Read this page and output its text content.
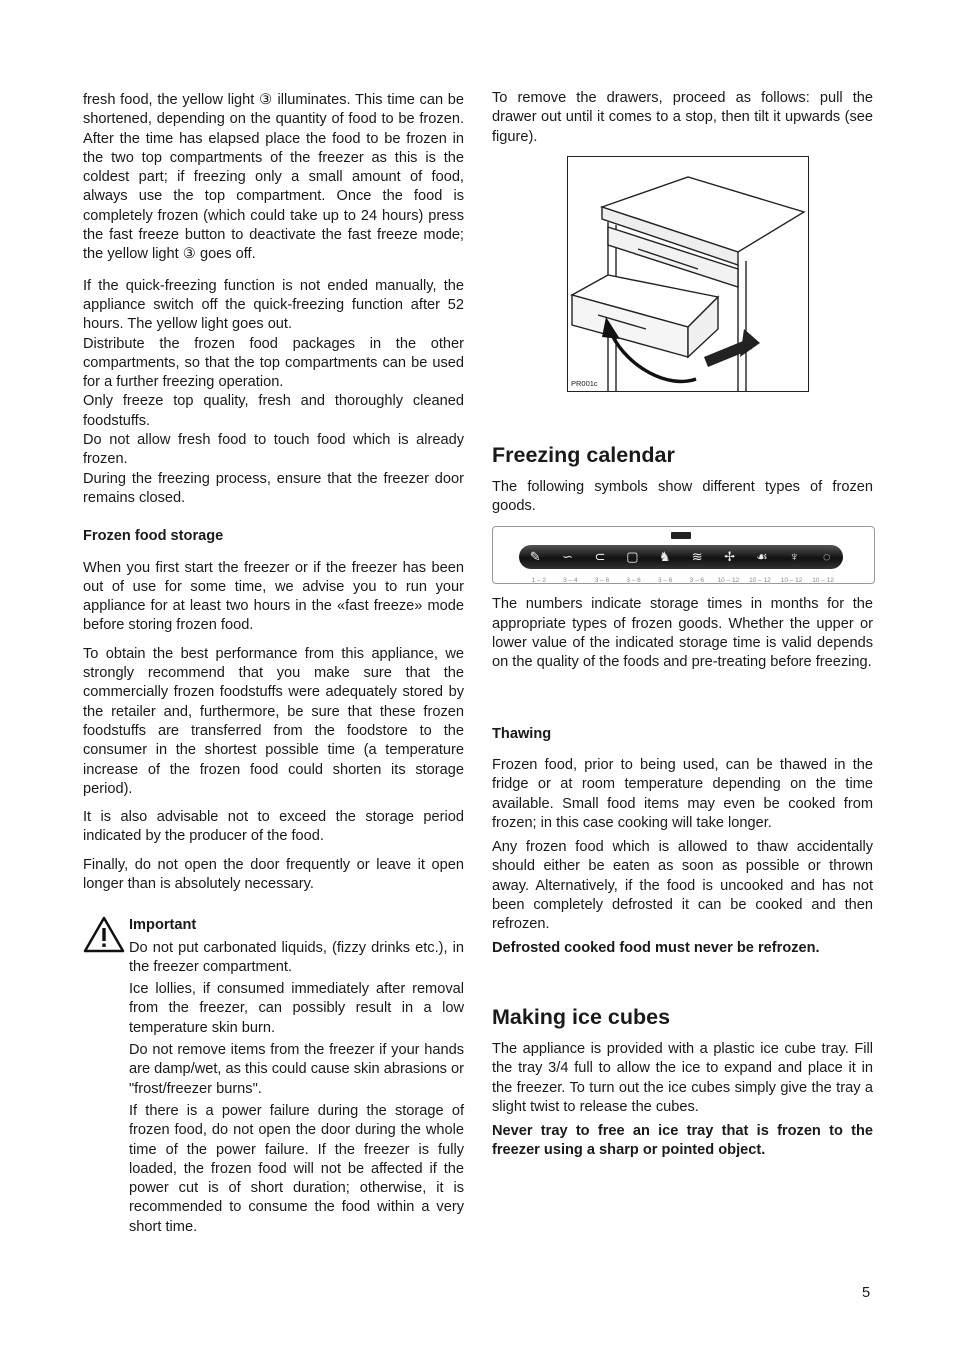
fresh food, the yellow light ③ illuminates. This time can be shortened, depending on the quantity of food to be frozen. After the time has elapsed place the food to be frozen in the two top compartments of the freezer as this is the coldest part; if freezing only a small amount of food, always use the top compartment. Once the food is completely frozen (which could take up to 24 hours) press the fast freeze button to deactivate the fast freeze mode; the yellow light ③ goes off.

If the quick-freezing function is not ended manually, the appliance switch off the quick-freezing function after 52 hours. The yellow light goes out.

Distribute the frozen food packages in the other compartments, so that the top compartments can be used for a further freezing operation.

Only freeze top quality, fresh and thoroughly cleaned foodstuffs.

Do not allow fresh food to touch food which is already frozen.

During the freezing process, ensure that the freezer door remains closed.

Frozen food storage

When you first start the freezer or if the freezer has been out of use for some time, we advise you to run your appliance for at least two hours in the «fast freeze» mode before storing frozen food.

To obtain the best performance from this appliance, we strongly recommend that you make sure that the commercially frozen foodstuffs were adequately stored by the retailer and, furthermore, be sure that these frozen foodstuffs are transferred from the foodstore to the consumer in the shortest possible time (a temperature increase of the frozen food could shorten its storage period).

It is also advisable not to exceed the storage period indicated by the producer of the food.

Finally, do not open the door frequently or leave it open longer than is absolutely necessary.

Important

Do not put carbonated liquids, (fizzy drinks etc.), in the freezer compartment.

Ice lollies, if consumed immediately after removal from the freezer, can possibly result in a low temperature skin burn.

Do not remove items from the freezer if your hands are damp/wet, as this could cause skin abrasions or "frost/freezer burns".

If there is a power failure during the storage of frozen food, do not open the door during the whole time of the power failure. If the freezer is fully loaded, the frozen food will not be affected if the power cut is of short duration; otherwise, it is recommended to consume the food within a very short time.

To remove the drawers, proceed as follows: pull the drawer out until it comes to a stop, then tilt it upwards (see figure).

PR001c

Freezing calendar

The following symbols show different types of frozen goods.

✎	∽	⊂	▢	♞	≋	✢	☙	♆	◌
1 – 2	3 – 4	3 – 6	3 – 6	3 – 6	3 – 6	10 – 12	10 – 12	10 – 12	10 – 12

The numbers indicate storage times in months for the appropriate types of frozen goods. Whether the upper or lower value of the indicated storage time is valid depends on the quality of the foods and pre-treating before freezing.

Thawing

Frozen food, prior to being used, can be thawed in the fridge or at room temperature depending on the time available. Small food items may even be cooked from frozen; in this case cooking will take longer.

Any frozen food which is allowed to thaw accidentally should either be eaten as soon as possible or thrown away. Alternatively, if the food is uncooked and has not been completely defrosted it can be cooked and then refrozen.

Defrosted cooked food must never be refrozen.

Making ice cubes

The appliance is provided with a plastic ice cube tray. Fill the tray 3/4 full to allow the ice to expand and place it in the freezer. To turn out the ice cubes simply give the tray a slight twist to release the cubes.

Never tray to free an ice tray that is frozen to the freezer using a sharp or pointed object.

5
